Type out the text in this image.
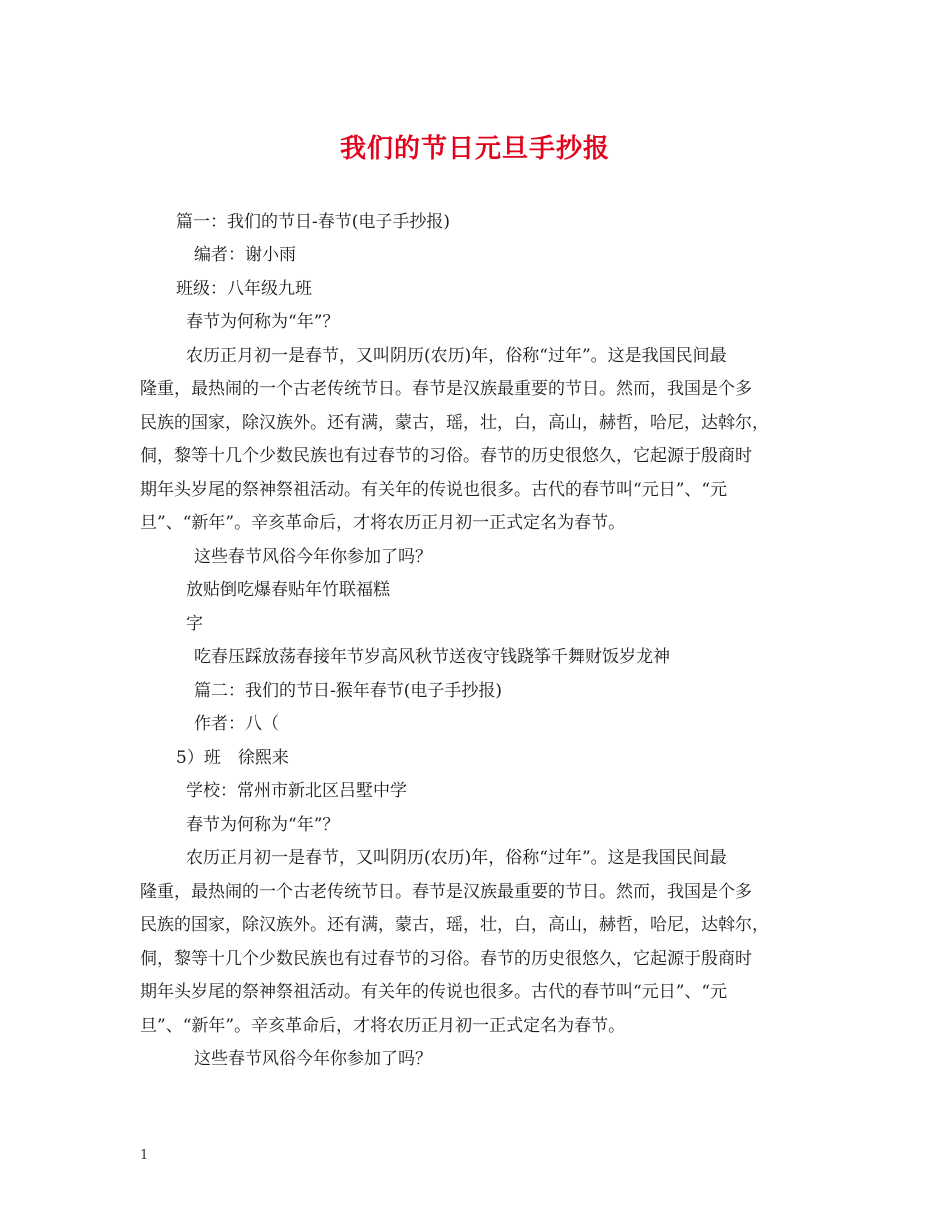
我们的节日元旦手抄报
篇一：我们的节日-春节(电子手抄报)
编者：谢小雨
班级：八年级九班
春节为何称为“年”？
农历正月初一是春节，又叫阴历(农历)年，俗称“过年”。这是我国民间最
隆重，最热闹的一个古老传统节日。春节是汉族最重要的节日。然而，我国是个多
民族的国家，除汉族外。还有满，蒙古，瑶，壮，白，高山，赫哲，哈尼，达斡尔，
侗，黎等十几个少数民族也有过春节的习俗。春节的历史很悠久，它起源于殷商时
期年头岁尾的祭神祭祖活动。有关年的传说也很多。古代的春节叫“元日”、“元
旦”、“新年”。辛亥革命后，才将农历正月初一正式定名为春节。
这些春节风俗今年你参加了吗？
放贴倒吃爆春贴年竹联福糕
字
吃春压踩放荡春接年节岁高风秋节送夜守钱跷筝千舞财饭岁龙神
篇二：我们的节日-猴年春节(电子手抄报)
作者：八（
5）班　徐熙来
学校：常州市新北区吕墅中学
春节为何称为“年”？
农历正月初一是春节，又叫阴历(农历)年，俗称“过年”。这是我国民间最
隆重，最热闹的一个古老传统节日。春节是汉族最重要的节日。然而，我国是个多
民族的国家，除汉族外。还有满，蒙古，瑶，壮，白，高山，赫哲，哈尼，达斡尔，
侗，黎等十几个少数民族也有过春节的习俗。春节的历史很悠久，它起源于殷商时
期年头岁尾的祭神祭祖活动。有关年的传说也很多。古代的春节叫“元日”、“元
旦”、“新年”。辛亥革命后，才将农历正月初一正式定名为春节。
这些春节风俗今年你参加了吗？
1
